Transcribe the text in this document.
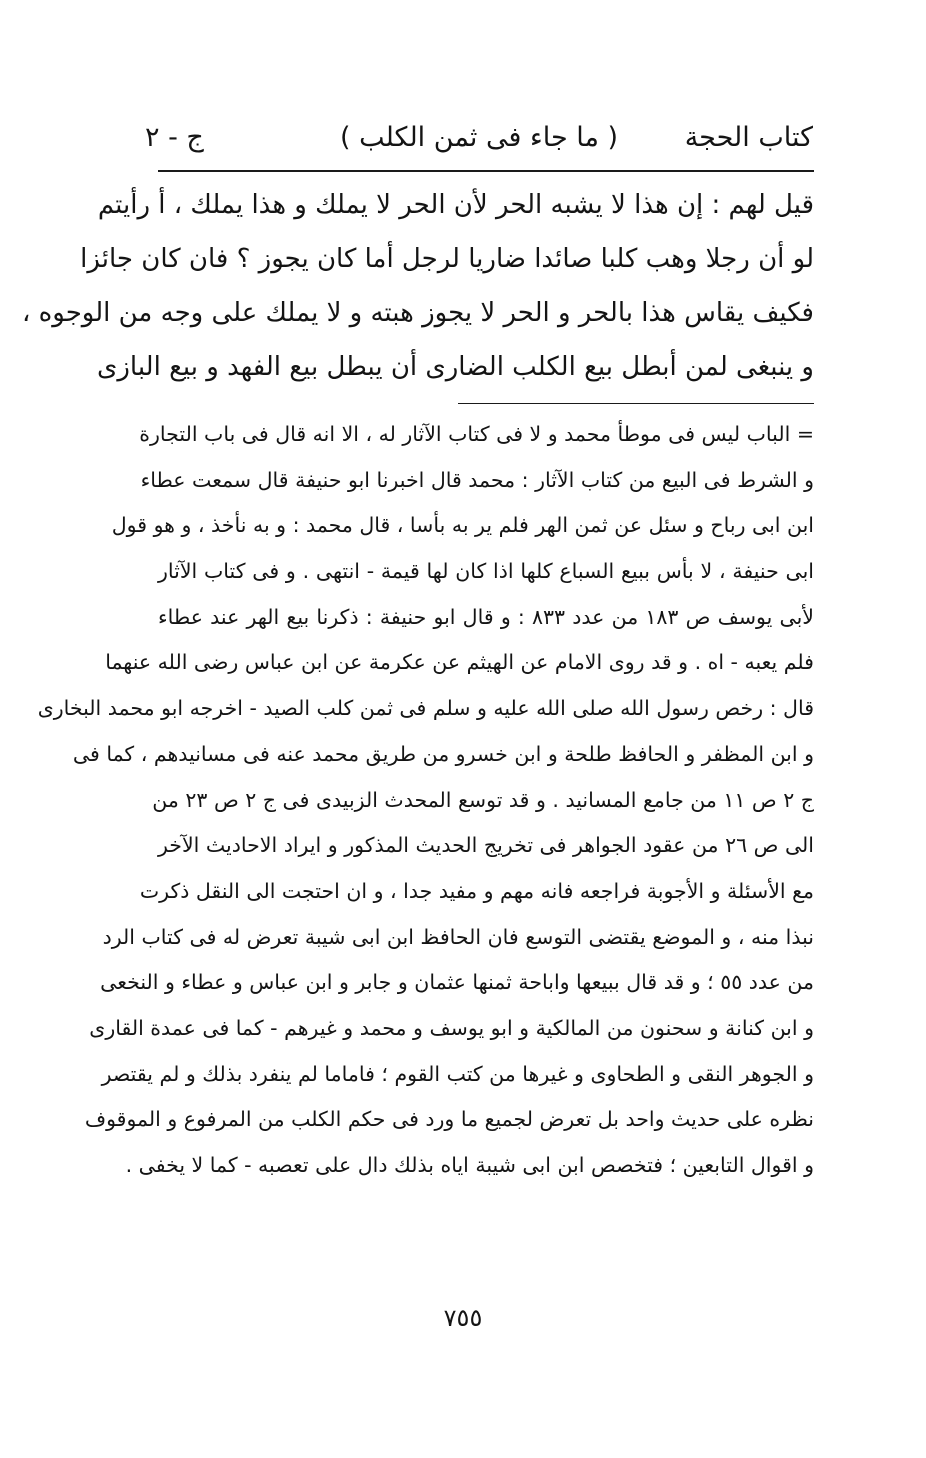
كتاب الحجة
( ما جاء فى ثمن الكلب )
ج - ٢
قيل لهم : إن هذا لا يشبه الحر لأن الحر لا يملك و هذا يملك ، أ رأيتم
لو أن رجلا وهب كلبا صائدا ضاريا لرجل أما كان يجوز ؟ فان كان جائزا
فكيف يقاس هذا بالحر و الحر لا يجوز هبته و لا يملك على وجه من الوجوه ،
و ينبغى لمن أبطل بيع الكلب الضارى أن يبطل بيع الفهد و بيع البازى
= الباب ليس فى موطأ محمد و لا فى كتاب الآثار له ، الا انه قال فى باب التجارة
و الشرط فى البيع من كتاب الآثار : محمد قال اخبرنا ابو حنيفة قال سمعت عطاء
ابن ابى رباح و سئل عن ثمن الهر فلم ير به بأسا ، قال محمد : و به نأخذ ، و هو قول
ابى حنيفة ، لا بأس ببيع السباع كلها اذا كان لها قيمة - انتهى . و فى كتاب الآثار
لأبى يوسف ص ١٨٣ من عدد ٨٣٣ : و قال ابو حنيفة : ذكرنا بيع الهر عند عطاء
فلم يعبه - اه . و قد روى الامام عن الهيثم عن عكرمة عن ابن عباس رضى الله عنهما
قال : رخص رسول الله صلى الله عليه و سلم فى ثمن كلب الصيد - اخرجه ابو محمد البخارى
و ابن المظفر و الحافظ طلحة و ابن خسرو من طريق محمد عنه فى مسانيدهم ، كما فى
ج ٢ ص ١١ من جامع المسانيد . و قد توسع المحدث الزبيدى فى ج ٢ ص ٢٣ من
الى ص ٢٦ من عقود الجواهر فى تخريج الحديث المذكور و ايراد الاحاديث الآخر
مع الأسئلة و الأجوبة فراجعه فانه مهم و مفيد جدا ، و ان احتجت الى النقل ذكرت
نبذا منه ، و الموضع يقتضى التوسع فان الحافظ ابن ابى شيبة تعرض له فى كتاب الرد
من عدد ٥٥ ؛ و قد قال ببيعها واباحة ثمنها عثمان و جابر و ابن عباس و عطاء و النخعى
و ابن كنانة و سحنون من المالكية و ابو يوسف و محمد و غيرهم - كما فى عمدة القارى
و الجوهر النقى و الطحاوى و غيرها من كتب القوم ؛ فاماما لم ينفرد بذلك و لم يقتصر
نظره على حديث واحد بل تعرض لجميع ما ورد فى حكم الكلب من المرفوع و الموقوف
و اقوال التابعين ؛ فتخصص ابن ابى شيبة اياه بذلك دال على تعصبه - كما لا يخفى .
٧٥٥
